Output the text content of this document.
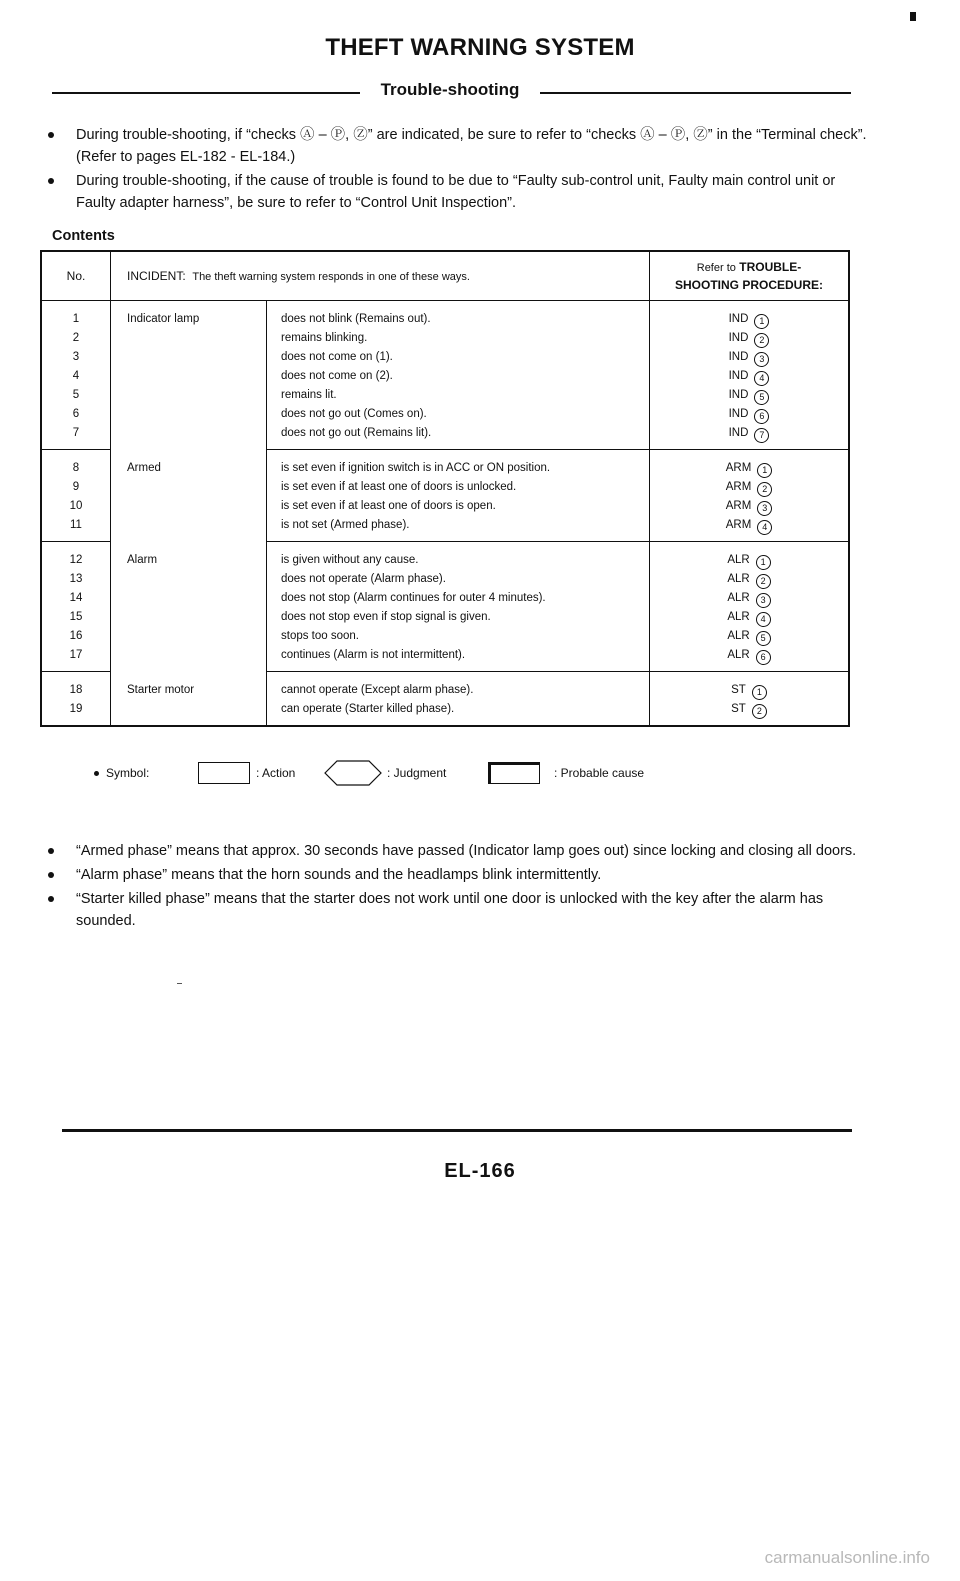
THEFT WARNING SYSTEM
Trouble-shooting
During trouble-shooting, if “checks Ⓐ – Ⓟ, Ⓩ” are indicated, be sure to refer to “checks Ⓐ – Ⓟ, Ⓩ” in the “Terminal check”. (Refer to pages EL-182 - EL-184.)
During trouble-shooting, if the cause of trouble is found to be due to “Faulty sub-control unit, Faulty main control unit or Faulty adapter harness”, be sure to refer to “Control Unit Inspection”.
Contents
No.	INCIDENT: The theft warning system responds in one of these ways.		Refer to TROUBLE-
SHOOTING PROCEDURE:
1	Indicator lamp	does not blink (Remains out).	IND 1
2		remains blinking.	IND 2
3		does not come on (1).	IND 3
4		does not come on (2).	IND 4
5		remains lit.	IND 5
6		does not go out (Comes on).	IND 6
7		does not go out (Remains lit).	IND 7
8	Armed	is set even if ignition switch is in ACC or ON position.	ARM 1
9		is set even if at least one of doors is unlocked.	ARM 2
10		is set even if at least one of doors is open.	ARM 3
11		is not set (Armed phase).	ARM 4
12	Alarm	is given without any cause.	ALR 1
13		does not operate (Alarm phase).	ALR 2
14		does not stop (Alarm continues for outer 4 minutes).	ALR 3
15		does not stop even if stop signal is given.	ALR 4
16		stops too soon.	ALR 5
17		continues (Alarm is not intermittent).	ALR 6
18	Starter motor	cannot operate (Except alarm phase).	ST 1
19		can operate (Starter killed phase).	ST 2
Symbol:	: Action	: Judgment	: Probable cause
“Armed phase” means that approx. 30 seconds have passed (Indicator lamp goes out) since locking and closing all doors.
“Alarm phase” means that the horn sounds and the headlamps blink intermittently.
“Starter killed phase” means that the starter does not work until one door is unlocked with the key after the alarm has sounded.
EL-166
carmanualsonline.info
